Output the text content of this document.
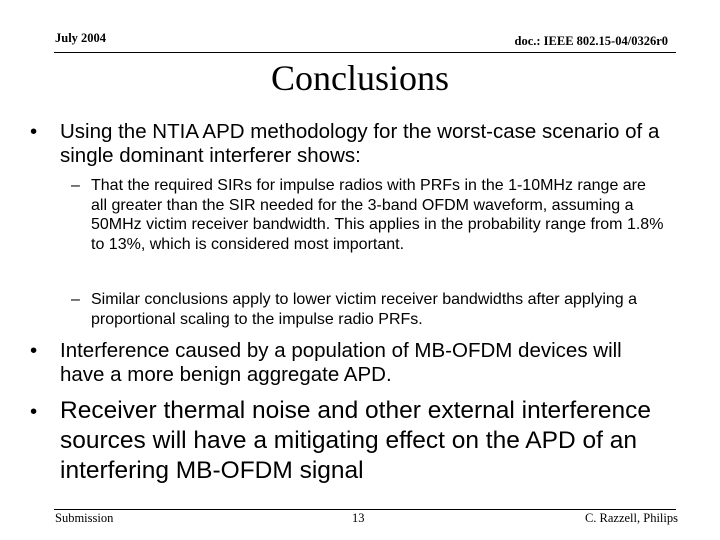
July 2004	doc.: IEEE 802.15-04/0326r0
Conclusions
• Using the NTIA APD methodology for the worst-case scenario of a single dominant interferer shows:
– That the required SIRs for impulse radios with PRFs in the 1-10MHz range are all greater than the SIR needed for the 3-band OFDM waveform, assuming a 50MHz victim receiver bandwidth. This applies in the probability range from 1.8% to 13%, which is considered most important.
– Similar conclusions apply to lower victim receiver bandwidths after applying a proportional scaling to the impulse radio PRFs.
• Interference caused by a population of MB-OFDM devices will have a more benign aggregate APD.
• Receiver thermal noise and other external interference sources will have a mitigating effect on the APD of an interfering MB-OFDM signal
Submission	13	C. Razzell, Philips
